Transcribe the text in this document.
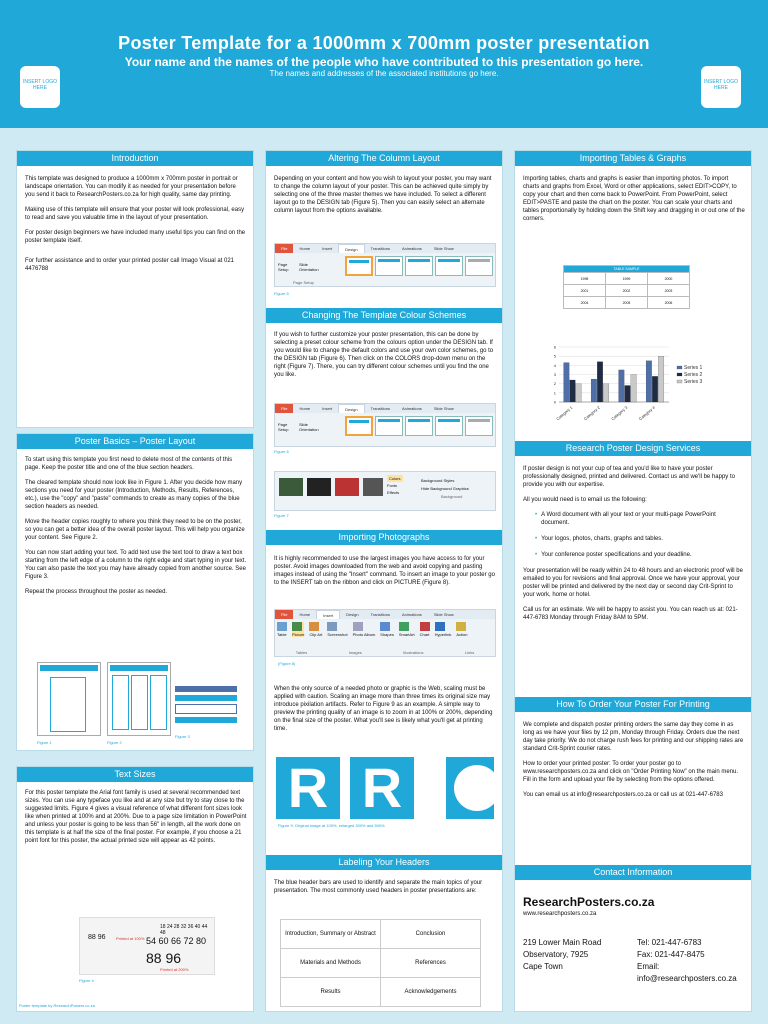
INSERT LOGO HERE
Poster Template for a 1000mm x 700mm poster presentation
Your name and the names of the people who have contributed to this presentation go here.
The names and addresses of the associated institutions go here.
INSERT LOGO HERE
Introduction

This template was designed to produce a 1000mm x 700mm poster in portrait or landscape orientation. You can modify it as needed for your presentation before you send it back to ResearchPosters.co.za for high quality, same day printing.

Making use of this template will ensure that your poster will look professional, easy to read and save you valuable time in the layout of your presentation.

For poster design beginners we have included many useful tips you can find on the poster template itself.

For further assistance and to order your printed poster call Imago Visual at 021 4476788

Poster Basics – Poster Layout

To start using this template you first need to delete most of the contents of this page. Keep the poster title and one of the blue section headers.

The cleared template should now look like in Figure 1. After you decide how many sections you need for your poster (Introduction, Methods, Results, References, etc.), use the "copy" and "paste" commands to create as many copies of the blue section headers as needed.

Move the header copies roughly to where you think they need to be on the poster, so you can get a better idea of the overall poster layout. This will help you organize your content. See Figure 2.

You can now start adding your text. To add text use the text tool to draw a text box starting from the left edge of a column to the right edge and start typing in your text. You can also paste the text you may have already copied from another source. See Figure 3.

Repeat the process throughout the poster as needed.

Figure 1	Figure 2
Figure 3
Text Sizes

For this poster template the Arial font family is used at several recommended text sizes. You can use any typeface you like and at any size but try to stay close to the suggested limits. Figure 4 gives a visual reference of what different font sizes look like when printed at 100% and at 200%. Due to a page size limitation in PowerPoint and unless your poster is going to be less than 56" in length, all the work done on this template is at half the size of the final poster. For example, if you choose a 21 point font for this poster, the actual printed size will appear as 42 points.

18 24 28 32 36 40 44 48
88 96	Printed at 100% 54 60 66 72 80
88 96
Printed at 200%
Figure 4
Poster template by ResearchPosters.co.za
Altering The Column Layout
Depending on your content and how you wish to layout your poster, you may want to change the column layout of your poster. This can be achieved quite simply by selecting one of the three master themes we have included. To select a different layout go to the DESIGN tab (Figure 5). Then you can easily select an alternate column layout from the options available.
File	Home	Insert	Design	Transitions	Animations	Slide Show
Page Setup
Slide Orientation
Page Setup
Figure 5
Changing The Template Colour Schemes
If you wish to further customize your poster presentation, this can be done by selecting a preset colour scheme from the colours option under the DESIGN tab. If you would like to change the default colors and use your own color schemes, go to the DESIGN tab (Figure 6). Then click on the COLORS drop-down menu on the right (Figure 7). There, you can try different colour schemes until you find the one you like.
File	Home	Insert	Design	Transitions	Animations	Slide Show
Page Setup
Slide Orientation
Figure 6
Colors
Fonts
Effects
Background Styles
Hide Background Graphics
Background
Figure 7
Importing Photographs
It is highly recommended to use the largest images you have access to for your poster. Avoid images downloaded from the web and avoid copying and pasting images instead of using the "Insert" command. To insert an image to your poster go to the INSERT tab on the ribbon and click on PICTURE (Figure 8).
File	Home	Insert	Design	Transitions	Animations	Slide Show
Table Picture Clip Art Screenshot Photo Album Shapes SmartArt Chart Hyperlink Action
Tables	Images	Illustrations	Links
(Figure 8)
When the only source of a needed photo or graphic is the Web, scaling must be applied with caution. Scaling an image more than three times its original size may introduce pixilation artifacts. Refer to Figure 9 as an example. A simple way to preview the printing quality of an image is to zoom in at 100% or 200%, depending on the final size of the poster. What you'll see is likely what you'll get at printing time.
R R
Figure 9: Original image at 100%, enlarged 300% and 500%
Labeling Your Headers
The blue header bars are used to identify and separate the main topics of your presentation. The most commonly used headers in poster presentations are:
Introduction, Summary or Abstract	Conclusion
Materials and Methods	References
Results	Acknowledgements
Importing Tables & Graphs
Importing tables, charts and graphs is easier than importing photos. To import charts and graphs from Excel, Word or other applications, select EDIT>COPY, to copy your chart and then come back to PowerPoint. From PowerPoint, select EDIT>PASTE and paste the chart on the poster. You can scale your charts and tables proportionally by holding down the Shift key and dragging in or out one of the corners.
TABLE SAMPLE		
1998	1999	2000
2001	2002	2003
2004	2005	2006
0
1
2
3
4
5
6
Category 1 Category 2 Category 3 Category 4
Series 1
Series 2
Series 3
Research Poster Design Services

If poster design is not your cup of tea and you'd like to have your poster professionally designed, printed and delivered. Contact us and we'll be happy to provide you with our expertise.

All you would need is to email us the following:

• A Word document with all your text or your multi-page PowerPoint document.
• Your logos, photos, charts, graphs and tables.
• Your conference poster specifications and your deadline.

Your presentation will be ready within 24 to 48 hours and an electronic proof will be emailed to you for revisions and final approval. Once we have your approval, your poster will be printed and delivered by the next day or second day Crit-Sprint to your work, home or hotel.

Call us for an estimate. We will be happy to assist you. You can reach us at: 021-447-6783 Monday through Friday 8AM to 5PM.

How To Order Your Poster For Printing

We complete and dispatch poster printing orders the same day they come in as long as we have your files by 12 pm, Monday through Friday. Orders due the next day take priority. We do not charge rush fees for printing and our shipping rates are standard Crit-Sprint courier rates.

How to order your printed poster: To order your poster go to www.researchposters.co.za and click on "Order Printing Now" on the main menu. Fill in the form and upload your file by selecting from the options offered.

You can email us at info@researchposters.co.za or call us at 021-447-6783

Contact Information
ResearchPosters.co.za
www.researchposters.co.za
219 Lower Main Road
Observatory, 7925
Cape Town
Tel: 021-447-6783
Fax: 021-447-8475
Email:
info@researchposters.co.za
